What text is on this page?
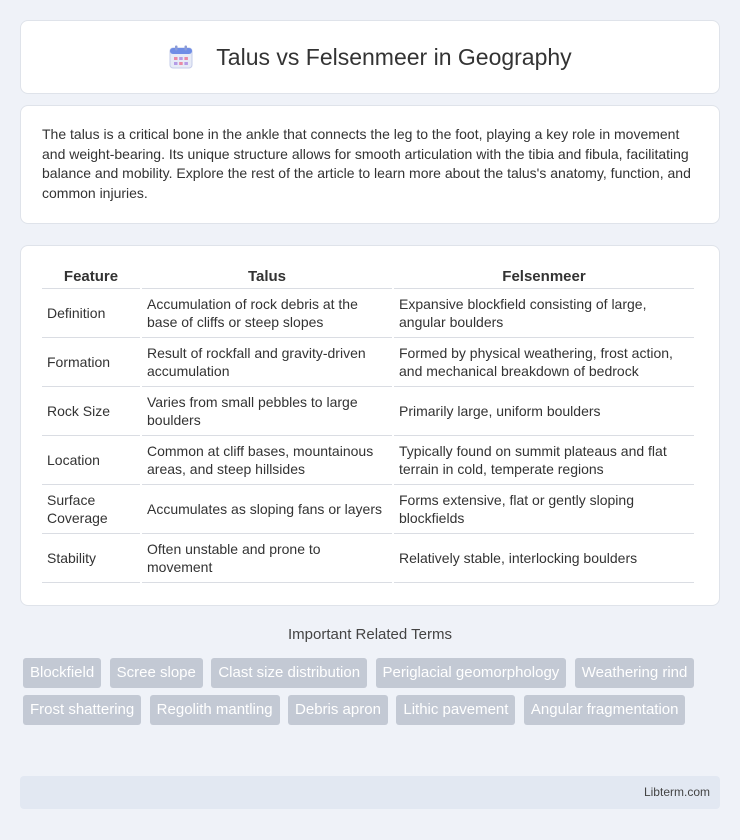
Talus vs Felsenmeer in Geography

The talus is a critical bone in the ankle that connects the leg to the foot, playing a key role in movement and weight-bearing. Its unique structure allows for smooth articulation with the tibia and fibula, facilitating balance and mobility. Explore the rest of the article to learn more about the talus's anatomy, function, and common injuries.

Feature	Talus	Felsenmeer
Definition	Accumulation of rock debris at the base of cliffs or steep slopes	Expansive blockfield consisting of large, angular boulders
Formation	Result of rockfall and gravity-driven accumulation	Formed by physical weathering, frost action, and mechanical breakdown of bedrock
Rock Size	Varies from small pebbles to large boulders	Primarily large, uniform boulders
Location	Common at cliff bases, mountainous areas, and steep hillsides	Typically found on summit plateaus and flat terrain in cold, temperate regions
Surface Coverage	Accumulates as sloping fans or layers	Forms extensive, flat or gently sloping blockfields
Stability	Often unstable and prone to movement	Relatively stable, interlocking boulders
Important Related Terms
Blockfield Scree slope Clast size distribution Periglacial geomorphology Weathering rind Frost shattering Regolith mantling Debris apron Lithic pavement Angular fragmentation
Libterm.com
